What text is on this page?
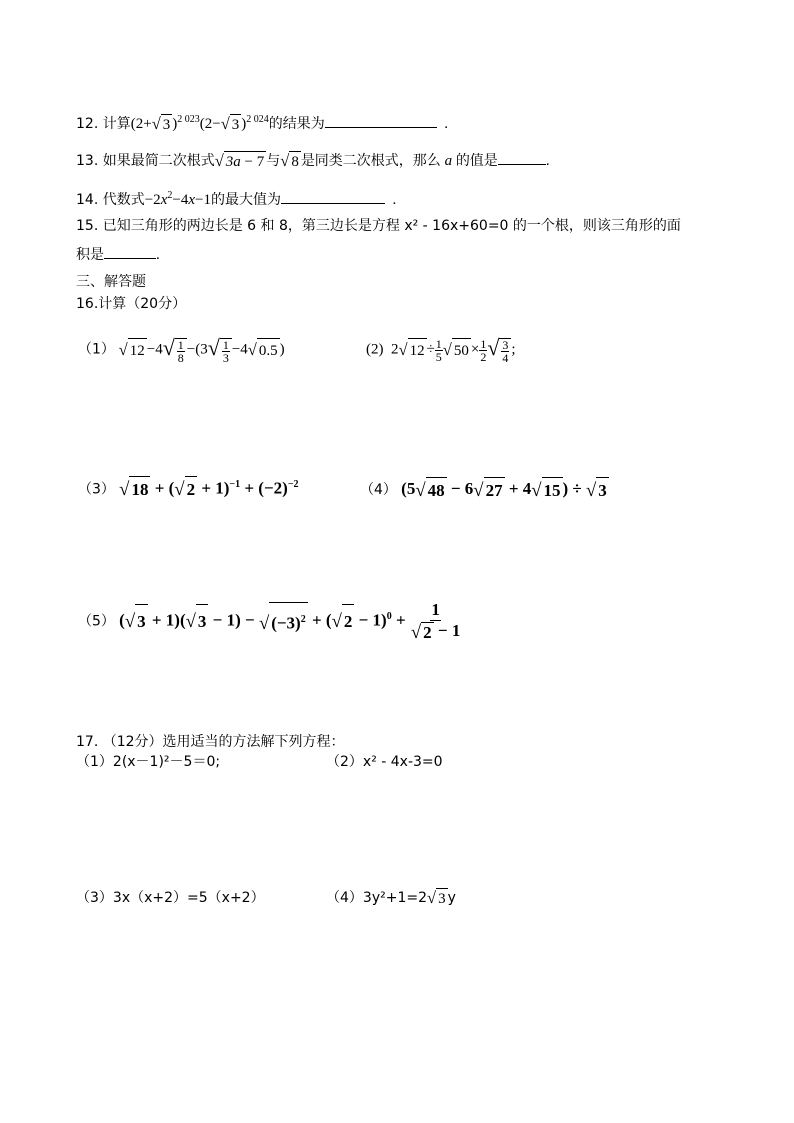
12. 计算(2+√ 3 )$^{2 023}$(2−√ 3 )$^{2 024}$的结果为	.
13. 如果最简二次根式√ 3a − 7 与√ 8 是同类二次根式，那么 a 的值是	.
14. 代数式$-2x^2-4x-1$的最大值为	.
15. 已知三角形的两边长是 6 和 8，第三边长是方程 x² - 16x+60=0 的一个根，则该三角形的面
积是	.
三、解答题
16.计算（20分）
（1） √ $12 -4√ \frac{1}{8} -(3√ \frac{1}{3} -4√$ 0.5 )	(2)  2√ $12 \div \frac{1}{5}$ √ $50 \times \frac{1}{2}$ √ $\frac{3}{4}$ ;
（3） √ 18 + (√ $2 + 1)^{-1} + (-2)^{-2}$	（4） (5√ 48 − 6√ 27 + 4√ 15 ) ÷ √ 3
（5） (√ 3 + 1)(√ 3 − 1) − √ $(-3)^2$ + (√ $2 - 1)^0 + \frac{1}{√ 2 - 1}$
17. （12分）选用适当的方法解下列方程：
（1）2(x－1)²－5＝0;	（2）x² - 4x-3=0
（3）3x（x+2）=5（x+2）	（4）3y²+1=2√ 3 y
